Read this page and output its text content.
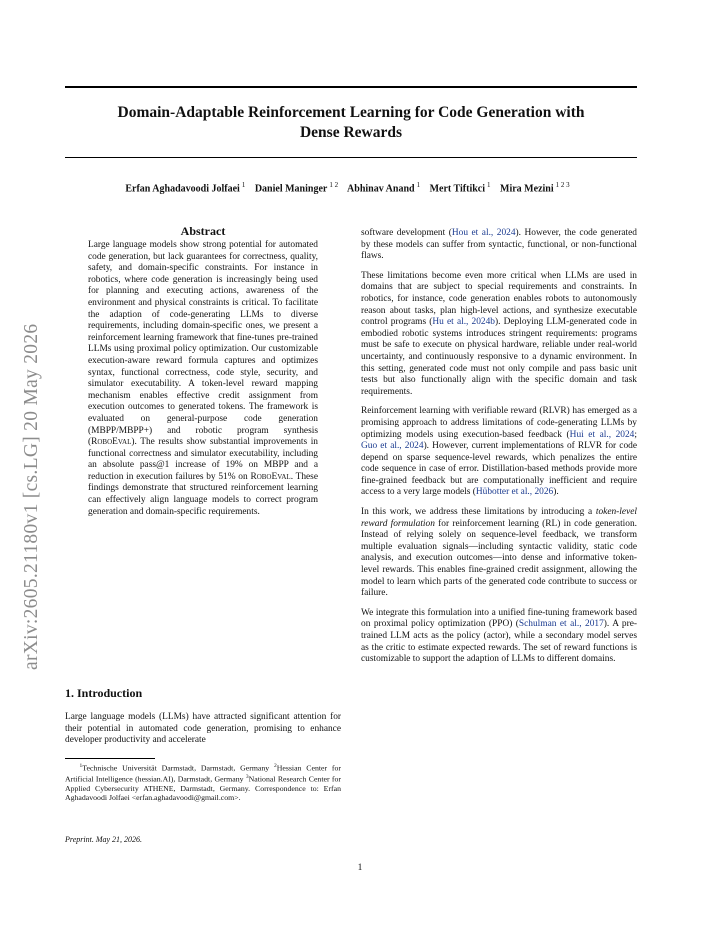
Domain-Adaptable Reinforcement Learning for Code Generation with
Dense Rewards
Erfan Aghadavoodi Jolfaei $^1$ Daniel Maninger $^{1 2}$ Abhinav Anand $^1$ Mert Tiftikci $^1$ Mira Mezini $^{1 2 3}$
arXiv:2605.21180v1 [cs.LG] 20 May 2026
Abstract
Large language models show strong potential for automated code generation, but lack guarantees for correctness, quality, safety, and domain-specific constraints. For instance in robotics, where code generation is increasingly being used for planning and executing actions, awareness of the environment and physical constraints is critical. To facilitate the adaption of code-generating LLMs to diverse requirements, including domain-specific ones, we present a reinforcement learning framework that fine-tunes pre-trained LLMs using proximal policy optimization. Our customizable execution-aware reward formula captures and optimizes syntax, functional correctness, code style, security, and simulator executability. A token-level reward mapping mechanism enables effective credit assignment from execution outcomes to generated tokens. The framework is evaluated on general-purpose code generation (MBPP/MBPP+) and robotic program synthesis (RoboEval). The results show substantial improvements in functional correctness and simulator executability, including an absolute pass@1 increase of 19% on MBPP and a reduction in execution failures by 51% on RoboEval. These findings demonstrate that structured reinforcement learning can effectively align language models to correct program generation and domain-specific requirements.
1. Introduction
Large language models (LLMs) have attracted significant attention for their potential in automated code generation, promising to enhance developer productivity and accelerate
$^1$Technische Universität Darmstadt, Darmstadt, Germany $^2$Hessian Center for Artificial Intelligence (hessian.AI), Darmstadt, Germany $^3$National Research Center for Applied Cybersecurity ATHENE, Darmstadt, Germany. Correspondence to: Erfan Aghadavoodi Jolfaei <erfan.aghadavoodi@gmail.com>.
Preprint. May 21, 2026.

software development (Hou et al., 2024). However, the code generated by these models can suffer from syntactic, functional, or non-functional flaws.

These limitations become even more critical when LLMs are used in domains that are subject to special requirements and constraints. In robotics, for instance, code generation enables robots to autonomously reason about tasks, plan high-level actions, and synthesize executable control programs (Hu et al., 2024b). Deploying LLM-generated code in embodied robotic systems introduces stringent requirements: programs must be safe to execute on physical hardware, reliable under real-world uncertainty, and continuously responsive to a dynamic environment. In this setting, generated code must not only compile and pass basic unit tests but also functionally align with the specific domain and task requirements.

Reinforcement learning with verifiable reward (RLVR) has emerged as a promising approach to address limitations of code-generating LLMs by optimizing models using execution-based feedback (Hui et al., 2024; Guo et al., 2024). However, current implementations of RLVR for code depend on sparse sequence-level rewards, which penalizes the entire code sequence in case of error. Distillation-based methods provide more fine-grained feedback but are computationally inefficient and require access to a very large models (Hübotter et al., 2026).

In this work, we address these limitations by introducing a token-level reward formulation for reinforcement learning (RL) in code generation. Instead of relying solely on sequence-level feedback, we transform multiple evaluation signals—including syntactic validity, static code analysis, and execution outcomes—into dense and informative token-level rewards. This enables fine-grained credit assignment, allowing the model to learn which parts of the generated code contribute to success or failure.

We integrate this formulation into a unified fine-tuning framework based on proximal policy optimization (PPO) (Schulman et al., 2017). A pre-trained LLM acts as the policy (actor), while a secondary model serves as the critic to estimate expected rewards. The set of reward functions is customizable to support the adaption of LLMs to different domains.

1
